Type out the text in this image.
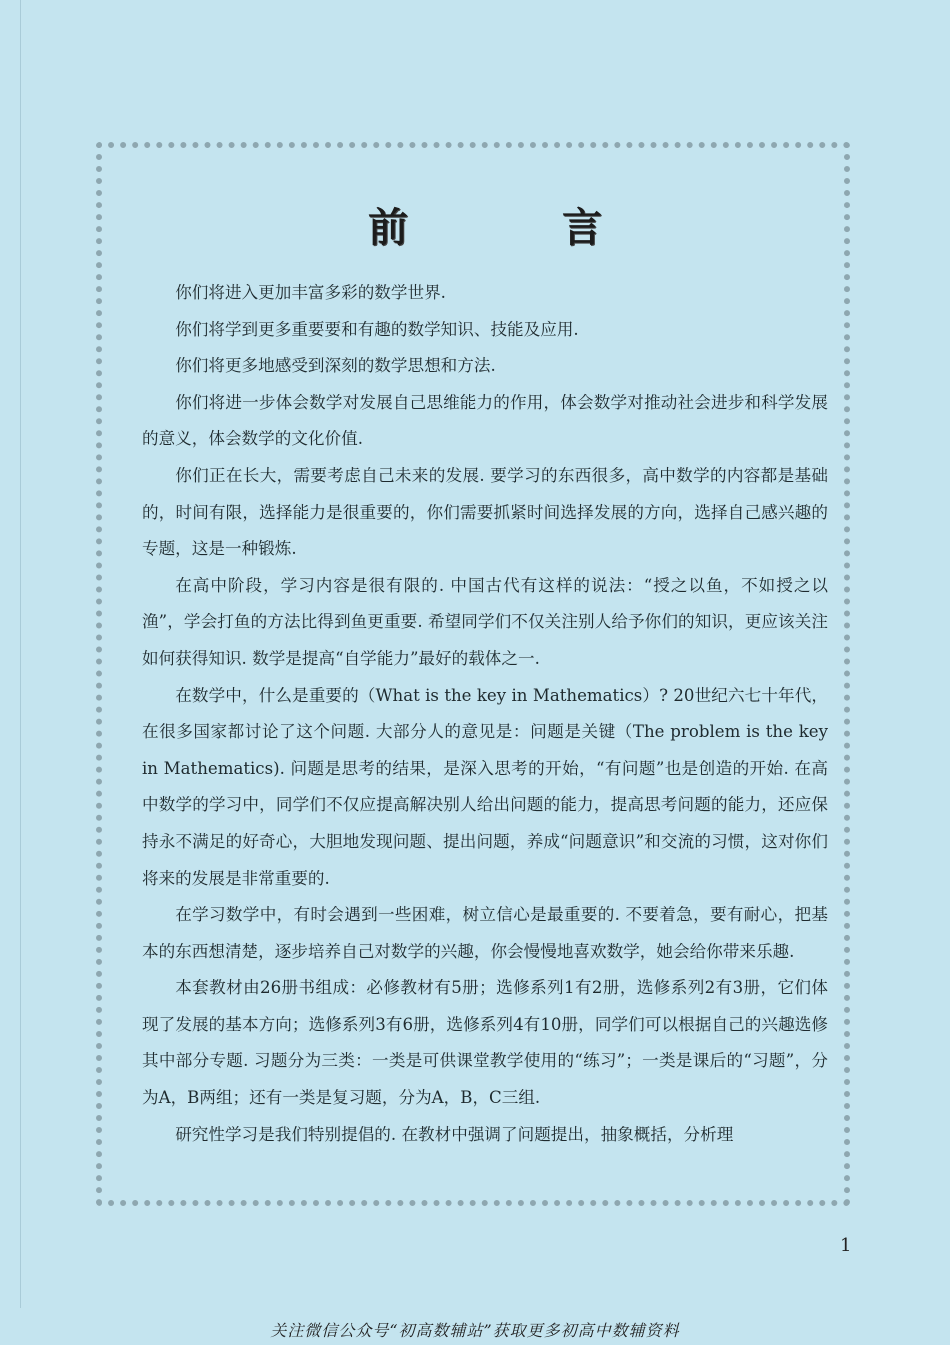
前 言

你们将进入更加丰富多彩的数学世界.

你们将学到更多重要要和有趣的数学知识、技能及应用.

你们将更多地感受到深刻的数学思想和方法.

你们将进一步体会数学对发展自己思维能力的作用，体会数学对推动社会进步和科学发展的意义，体会数学的文化价值.

你们正在长大，需要考虑自己未来的发展. 要学习的东西很多，高中数学的内容都是基础的，时间有限，选择能力是很重要的，你们需要抓紧时间选择发展的方向，选择自己感兴趣的专题，这是一种锻炼.

在高中阶段，学习内容是很有限的. 中国古代有这样的说法：“授之以鱼，不如授之以渔”，学会打鱼的方法比得到鱼更重要. 希望同学们不仅关注别人给予你们的知识，更应该关注如何获得知识. 数学是提高“自学能力”最好的载体之一.

在数学中，什么是重要的（What is the key in Mathematics）? 20世纪六七十年代，在很多国家都讨论了这个问题. 大部分人的意见是：问题是关键（The problem is the key in Mathematics). 问题是思考的结果，是深入思考的开始，“有问题”也是创造的开始. 在高中数学的学习中，同学们不仅应提高解决别人给出问题的能力，提高思考问题的能力，还应保持永不满足的好奇心，大胆地发现问题、提出问题，养成“问题意识”和交流的习惯，这对你们将来的发展是非常重要的.

在学习数学中，有时会遇到一些困难，树立信心是最重要的. 不要着急，要有耐心，把基本的东西想清楚，逐步培养自己对数学的兴趣，你会慢慢地喜欢数学，她会给你带来乐趣.

本套教材由26册书组成：必修教材有5册；选修系列1有2册，选修系列2有3册，它们体现了发展的基本方向；选修系列3有6册，选修系列4有10册，同学们可以根据自己的兴趣选修其中部分专题. 习题分为三类：一类是可供课堂教学使用的“练习”；一类是课后的“习题”，分为A，B两组；还有一类是复习题，分为A，B，C三组.

研究性学习是我们特别提倡的. 在教材中强调了问题提出，抽象概括，分析理

1
关注微信公众号“初高数辅站”获取更多初高中数辅资料
